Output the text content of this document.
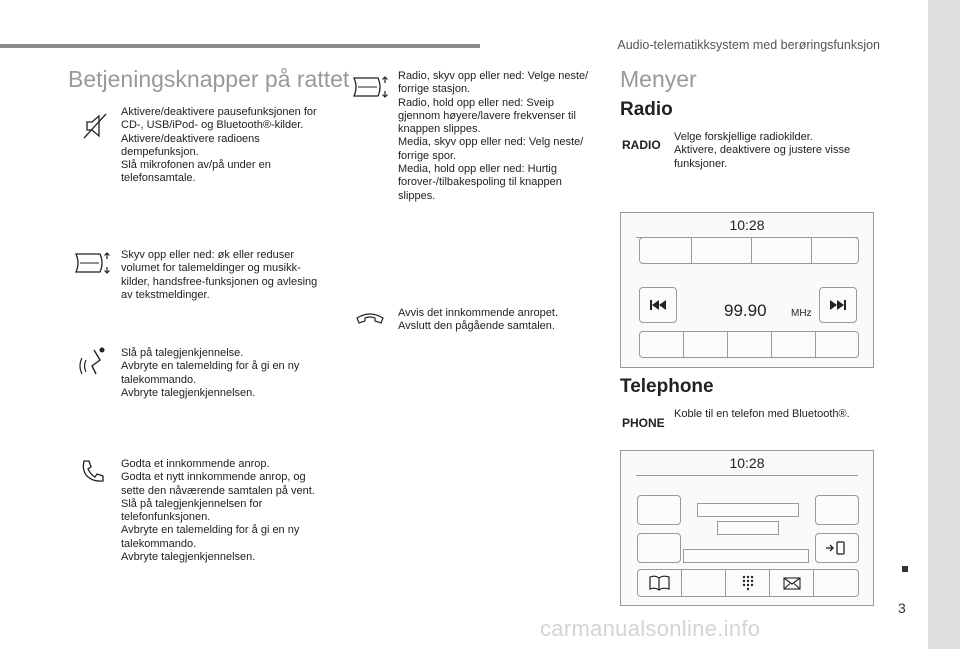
Audio-telematikksystem med berøringsfunksjon
3
carmanualsonline.info
Betjeningsknapper på rattet
Aktivere/deaktivere pausefunksjonen for
CD-, USB/iPod- og Bluetooth®-kilder.
Aktivere/deaktivere radioens
dempefunksjon.
Slå mikrofonen av/på under en
telefonsamtale.
Skyv opp eller ned: øk eller reduser
volumet for talemeldinger og musikk-
kilder, handsfree-funksjonen og avlesing
av tekstmeldinger.
Slå på talegjenkjennelse.
Avbryte en talemelding for å gi en ny
talekommando.
Avbryte talegjenkjennelsen.
Godta et innkommende anrop.
Godta et nytt innkommende anrop, og
sette den nåværende samtalen på vent.
Slå på talegjenkjennelsen for
telefonfunksjonen.
Avbryte en talemelding for å gi en ny
talekommando.
Avbryte talegjenkjennelsen.
Radio, skyv opp eller ned: Velge neste/
forrige stasjon.
Radio, hold opp eller ned: Sveip
gjennom høyere/lavere frekvenser til
knappen slippes.
Media, skyv opp eller ned: Velg neste/
forrige spor.
Media, hold opp eller ned: Hurtig
forover-/tilbakespoling til knappen
slippes.
Avvis det innkommende anropet.
Avslutt den pågående samtalen.
Menyer
Radio
RADIO
Velge forskjellige radiokilder.
Aktivere, deaktivere og justere visse
funksjoner.
10:28
99.90 MHz
Telephone
PHONE
Koble til en telefon med Bluetooth®.
10:28
